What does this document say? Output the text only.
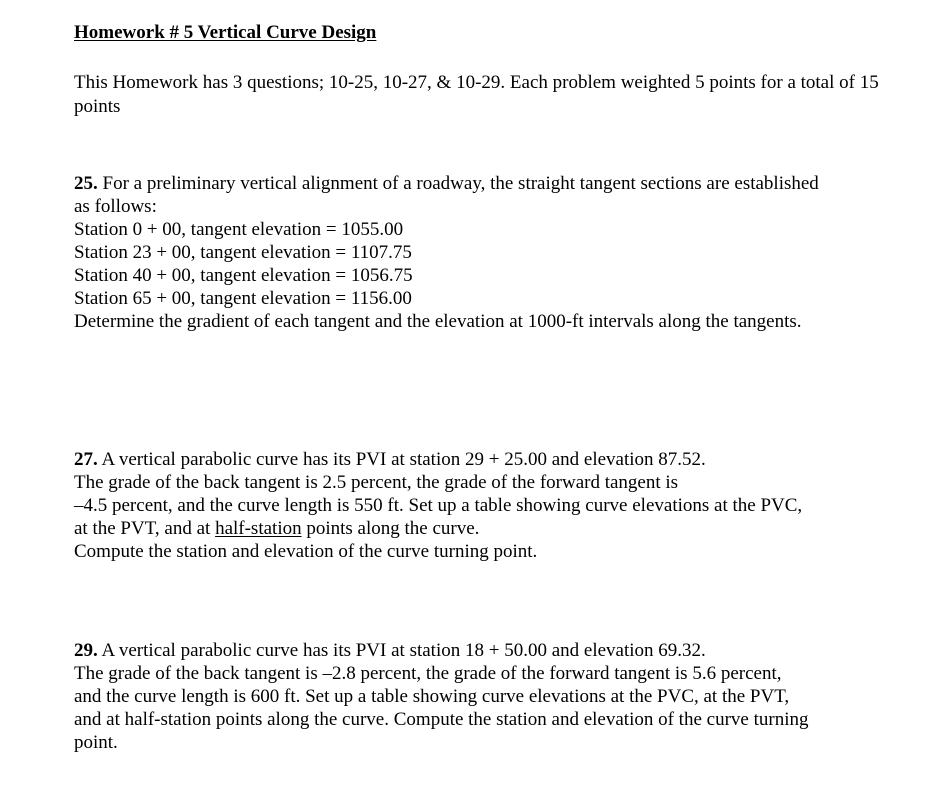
Homework # 5 Vertical Curve Design
This Homework has 3 questions; 10-25, 10-27, & 10-29. Each problem weighted 5 points for a total of 15 points
25. For a preliminary vertical alignment of a roadway, the straight tangent sections are established
as follows:
Station 0 + 00, tangent elevation = 1055.00
Station 23 + 00, tangent elevation = 1107.75
Station 40 + 00, tangent elevation = 1056.75
Station 65 + 00, tangent elevation = 1156.00
Determine the gradient of each tangent and the elevation at 1000-ft intervals along the tangents.
27. A vertical parabolic curve has its PVI at station 29 + 25.00 and elevation 87.52.
The grade of the back tangent is 2.5 percent, the grade of the forward tangent is
–4.5 percent, and the curve length is 550 ft. Set up a table showing curve elevations at the PVC,
at the PVT, and at half-station points along the curve.
Compute the station and elevation of the curve turning point.
29. A vertical parabolic curve has its PVI at station 18 + 50.00 and elevation 69.32.
The grade of the back tangent is –2.8 percent, the grade of the forward tangent is 5.6 percent,
and the curve length is 600 ft. Set up a table showing curve elevations at the PVC, at the PVT,
and at half-station points along the curve. Compute the station and elevation of the curve turning
point.
